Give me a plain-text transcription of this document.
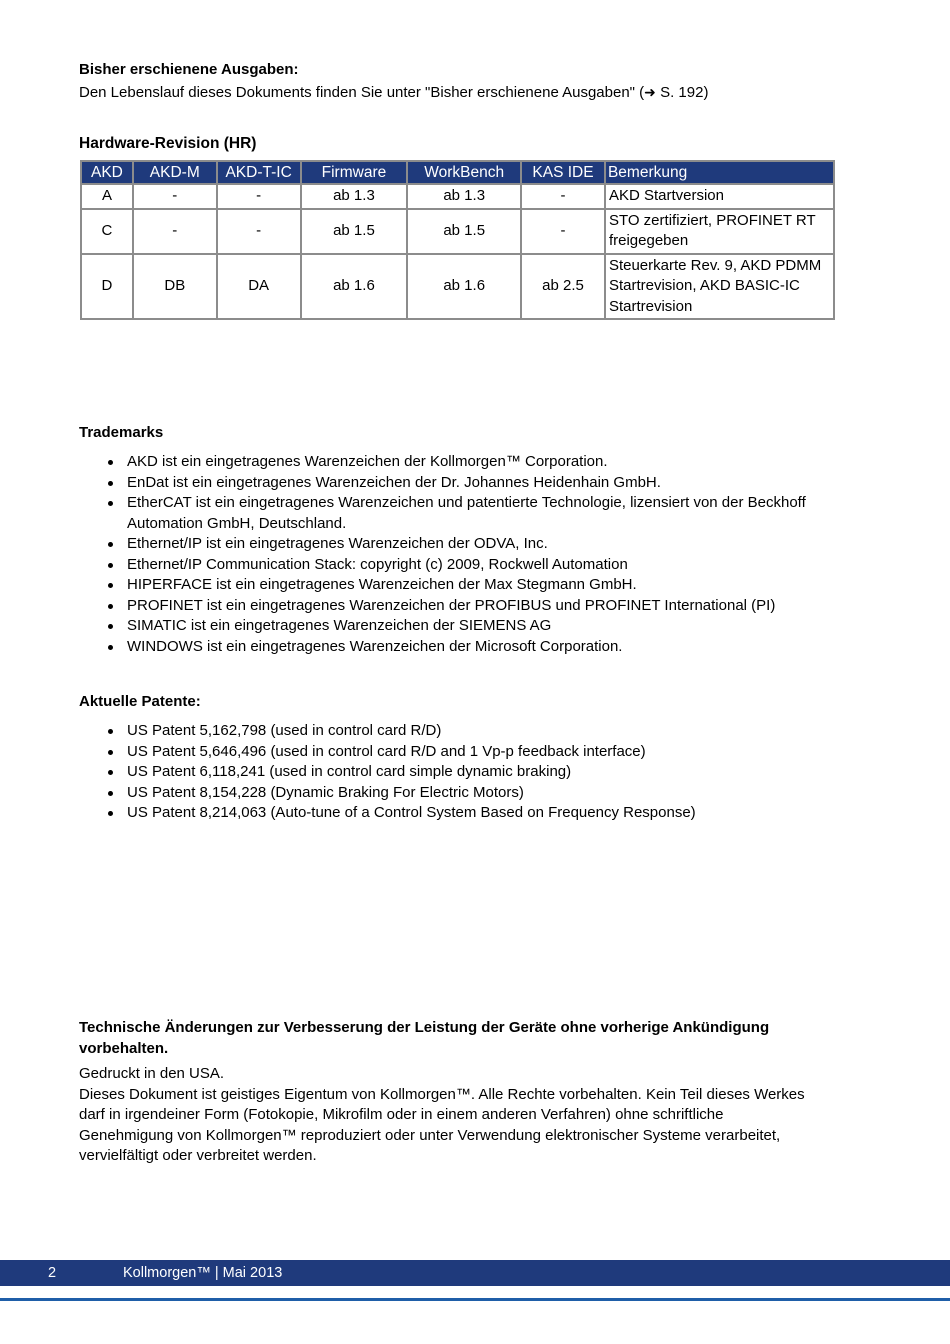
Bisher erschienene Ausgaben:

Den Lebenslauf dieses Dokuments finden Sie unter "Bisher erschienene Ausgaben" (➜ S. 192)

Hardware-Revision (HR)

AKD	AKD-M	AKD-T-IC	Firmware	WorkBench	KAS IDE	Bemerkung
A	-	-	ab 1.3	ab 1.3	-	AKD Startversion
C	-	-	ab 1.5	ab 1.5	-	STO zertifiziert, PROFINET RT freigegeben
D	DB	DA	ab 1.6	ab 1.6	ab 2.5	Steuerkarte Rev. 9, AKD PDMM Startrevision, AKD BASIC-IC Startrevision

Trademarks

AKD ist ein eingetragenes Warenzeichen der Kollmorgen™ Corporation.
EnDat ist ein eingetragenes Warenzeichen der Dr. Johannes Heidenhain GmbH.
EtherCAT ist ein eingetragenes Warenzeichen und patentierte Technologie, lizensiert von der Beckhoff Automation GmbH, Deutschland.
Ethernet/IP ist ein eingetragenes Warenzeichen der ODVA, Inc.
Ethernet/IP Communication Stack: copyright (c) 2009, Rockwell Automation
HIPERFACE ist ein eingetragenes Warenzeichen der Max Stegmann GmbH.
PROFINET ist ein eingetragenes Warenzeichen der PROFIBUS und PROFINET International (PI)
SIMATIC ist ein eingetragenes Warenzeichen der SIEMENS AG
WINDOWS ist ein eingetragenes Warenzeichen der Microsoft Corporation.

Aktuelle Patente:

US Patent 5,162,798 (used in control card R/D)
US Patent 5,646,496 (used in control card R/D and 1 Vp-p feedback interface)
US Patent 6,118,241 (used in control card simple dynamic braking)
US Patent 8,154,228 (Dynamic Braking For Electric Motors)
US Patent 8,214,063 (Auto-tune of a Control System Based on Frequency Response)

Technische Änderungen zur Verbesserung der Leistung der Geräte ohne vorherige Ankündigung vorbehalten.

Gedruckt in den USA.

Dieses Dokument ist geistiges Eigentum von Kollmorgen™. Alle Rechte vorbehalten. Kein Teil dieses Werkes darf in irgendeiner Form (Fotokopie, Mikrofilm oder in einem anderen Verfahren) ohne schriftliche Genehmigung von Kollmorgen™ reproduziert oder unter Verwendung elektronischer Systeme verarbeitet, vervielfältigt oder verbreitet werden.

2	Kollmorgen™ | Mai 2013
